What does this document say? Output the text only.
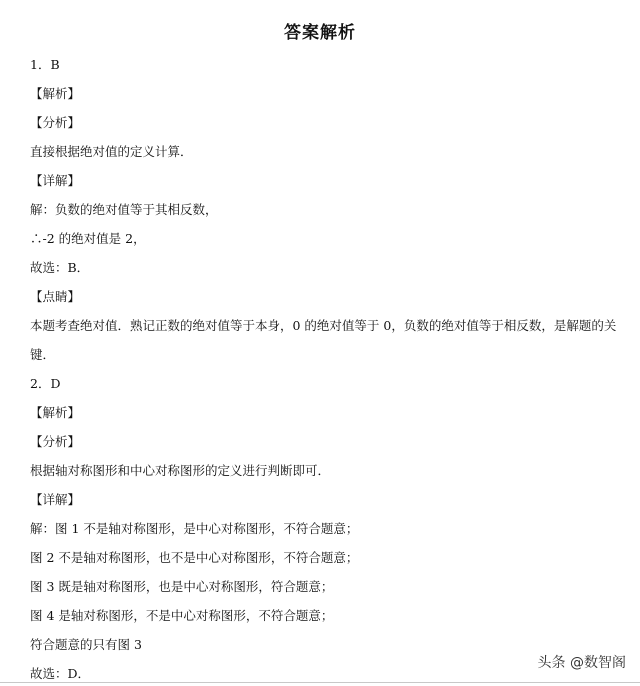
答案解析
1．B
【解析】
【分析】
直接根据绝对值的定义计算．
【详解】
解：负数的绝对值等于其相反数，
∴-2 的绝对值是 2，
故选：B．
【点睛】
本题考查绝对值．熟记正数的绝对值等于本身，0 的绝对值等于 0，负数的绝对值等于相反数，是解题的关
键．
2．D
【解析】
【分析】
根据轴对称图形和中心对称图形的定义进行判断即可．
【详解】
解：图 1 不是轴对称图形，是中心对称图形，不符合题意；
图 2 不是轴对称图形，也不是中心对称图形，不符合题意；
图 3 既是轴对称图形，也是中心对称图形，符合题意；
图 4 是轴对称图形，不是中心对称图形，不符合题意；
符合题意的只有图 3
故选：D．
头条 @数智阁
